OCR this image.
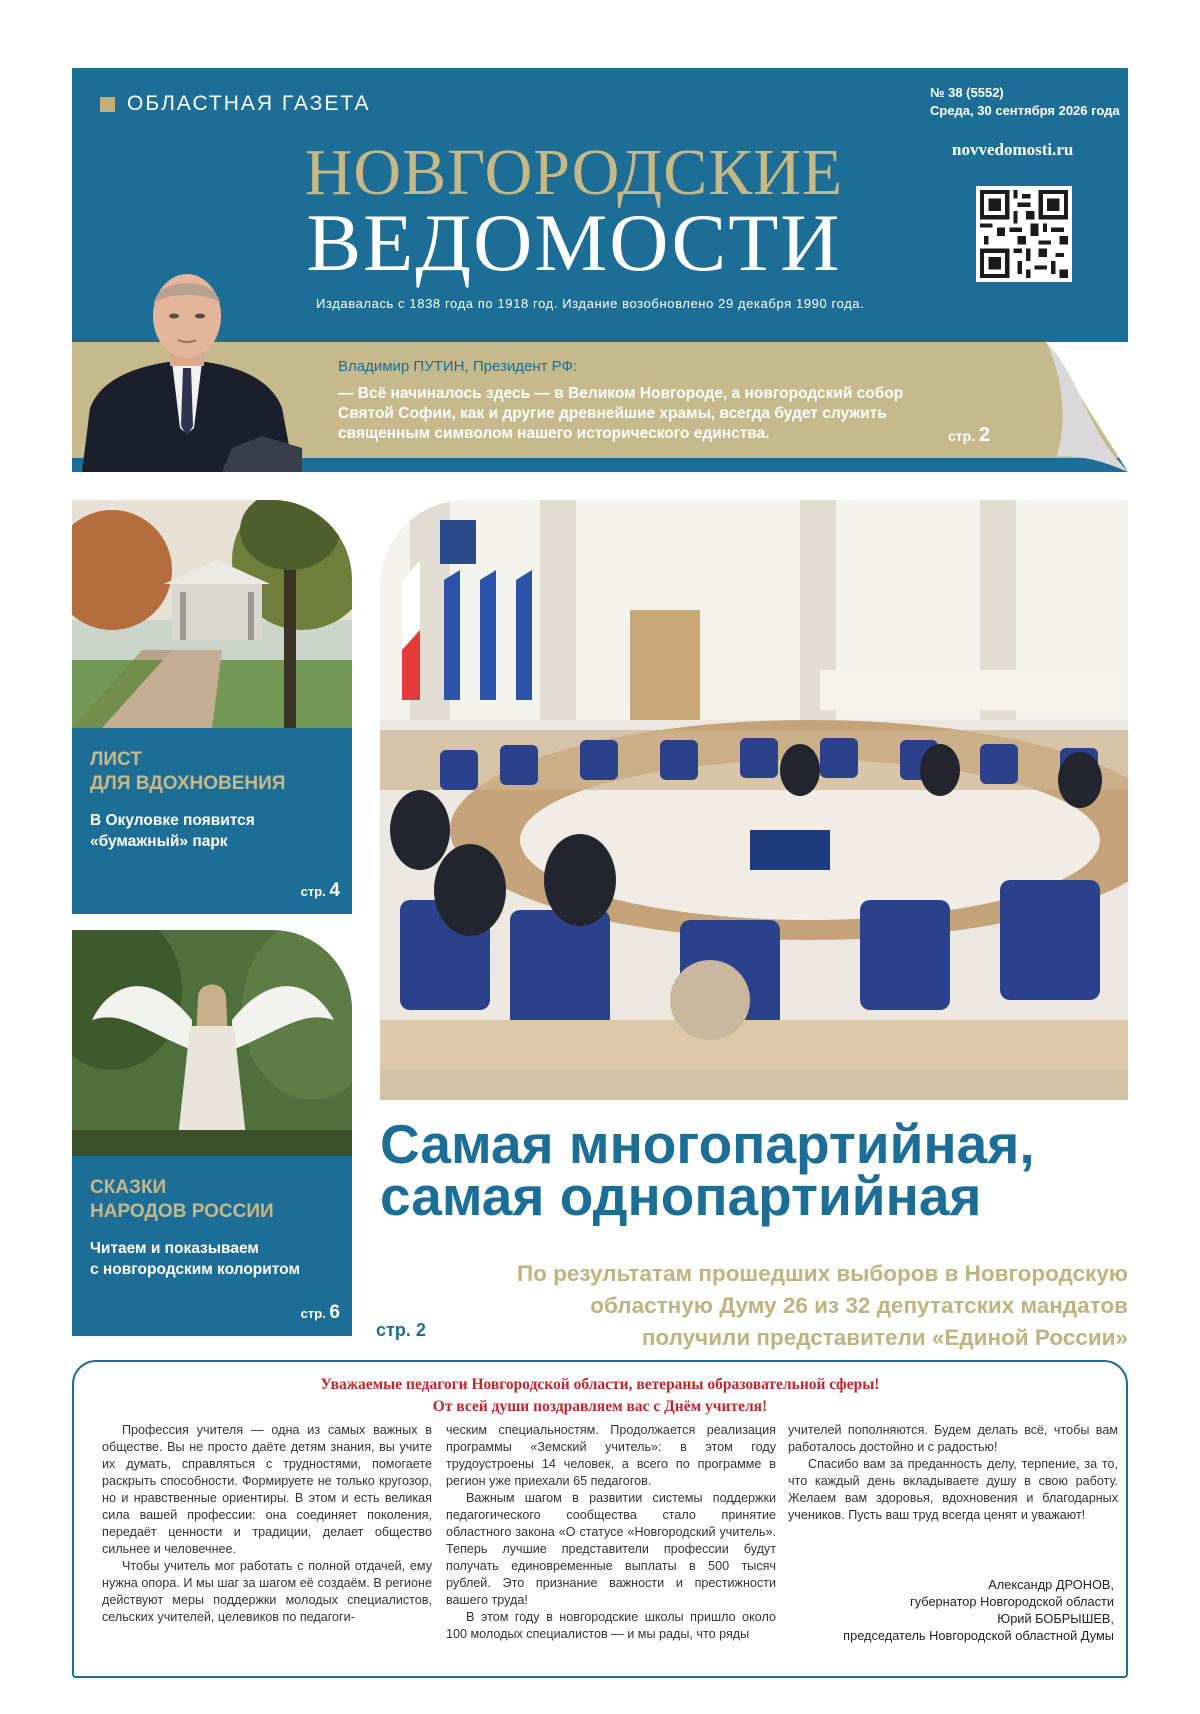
ОБЛАСТНАЯ ГАЗЕТА	№ 38 (5552)
Среда, 30 сентября 2026 года
novvedomosti.ru
НОВГОРОДСКИЕ
ВЕДОМОСТИ
Издавалась с 1838 года по 1918 год. Издание возобновлено 29 декабря 1990 года.
Владимир ПУТИН, Президент РФ:
— Всё начиналось здесь — в Великом Новгороде, а новгородский собор Святой Софии, как и другие древнейшие храмы, всегда будет служить священным символом нашего исторического единства.	стр. 2
ЛИСТ
ДЛЯ ВДОХНОВЕНИЯ
В Окуловке появится
«бумажный» парк
стр. 4
СКАЗКИ
НАРОДОВ РОССИИ
Читаем и показываем
с новгородским колоритом
стр. 6
Самая многопартийная,
самая однопартийная
По результатам прошедших выборов в Новгородскую
областную Думу 26 из 32 депутатских мандатов
получили представители «Единой России»
стр. 2
Уважаемые педагоги Новгородской области, ветераны образовательной сферы!
От всей души поздравляем вас с Днём учителя!

Профессия учителя — одна из самых важных в обществе. Вы не просто даёте детям знания, вы учите их думать, справляться с трудностями, помогаете раскрыть способности. Формируете не только кругозор, но и нравственные ориентиры. В этом и есть великая сила вашей профессии: она соединяет поколения, передаёт ценности и традиции, делает общество сильнее и человечнее.

Чтобы учитель мог работать с полной отдачей, ему нужна опора. И мы шаг за шагом её создаём. В регионе действуют меры поддержки молодых специалистов, сельских учителей, целевиков по педагоги-

ческим специальностям. Продолжается реализация программы «Земский учитель»: в этом году трудоустроены 14 человек, а всего по программе в регион уже приехали 65 педагогов.

Важным шагом в развитии системы поддержки педагогического сообщества стало принятие областного закона «О статусе «Новгородский учитель». Теперь лучшие представители профессии будут получать единовременные выплаты в 500 тысяч рублей. Это признание важности и престижности вашего труда!

В этом году в новгородские школы пришло около 100 молодых специалистов — и мы рады, что ряды

учителей пополняются. Будем делать всё, чтобы вам работалось достойно и с радостью!

Спасибо вам за преданность делу, терпение, за то, что каждый день вкладываете душу в свою работу. Желаем вам здоровья, вдохновения и благодарных учеников. Пусть ваш труд всегда ценят и уважают!

Александр ДРОНОВ,
губернатор Новгородской области
Юрий БОБРЫШЕВ,
председатель Новгородской областной Думы
